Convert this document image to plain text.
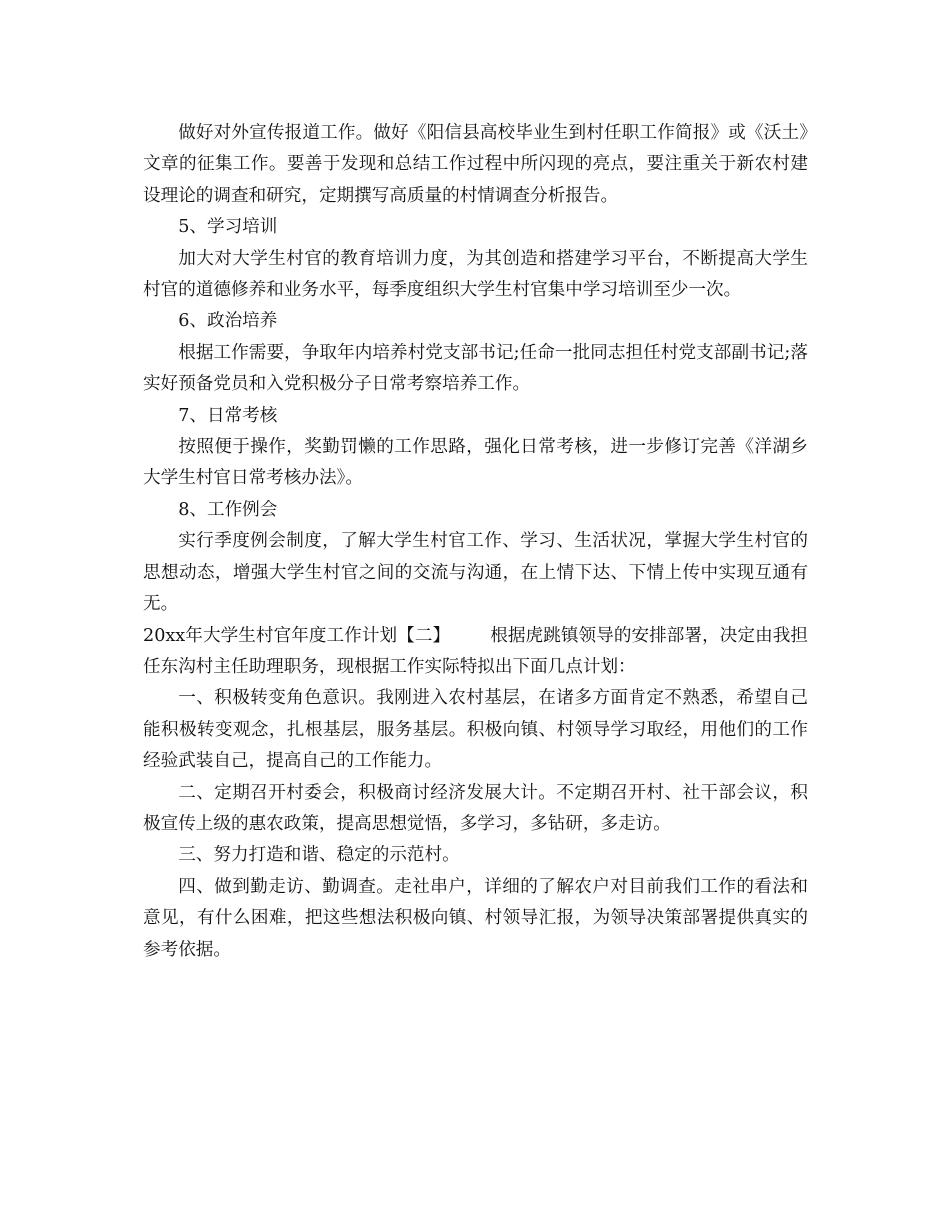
做好对外宣传报道工作。做好《阳信县高校毕业生到村任职工作简报》或《沃土》文章的征集工作。要善于发现和总结工作过程中所闪现的亮点，要注重关于新农村建设理论的调查和研究，定期撰写高质量的村情调查分析报告。

5、学习培训

加大对大学生村官的教育培训力度，为其创造和搭建学习平台，不断提高大学生村官的道德修养和业务水平，每季度组织大学生村官集中学习培训至少一次。

6、政治培养

根据工作需要，争取年内培养村党支部书记;任命一批同志担任村党支部副书记;落实好预备党员和入党积极分子日常考察培养工作。

7、日常考核

按照便于操作，奖勤罚懒的工作思路，强化日常考核，进一步修订完善《洋湖乡大学生村官日常考核办法》。

8、工作例会

实行季度例会制度，了解大学生村官工作、学习、生活状况，掌握大学生村官的思想动态，增强大学生村官之间的交流与沟通，在上情下达、下情上传中实现互通有无。

20xx年大学生村官年度工作计划【二】 根据虎跳镇领导的安排部署，决定由我担任东沟村主任助理职务，现根据工作实际特拟出下面几点计划：

一、积极转变角色意识。我刚进入农村基层，在诸多方面肯定不熟悉，希望自己能积极转变观念，扎根基层，服务基层。积极向镇、村领导学习取经，用他们的工作经验武装自己，提高自己的工作能力。

二、定期召开村委会，积极商讨经济发展大计。不定期召开村、社干部会议，积极宣传上级的惠农政策，提高思想觉悟，多学习，多钻研，多走访。

三、努力打造和谐、稳定的示范村。

四、做到勤走访、勤调查。走社串户，详细的了解农户对目前我们工作的看法和意见，有什么困难，把这些想法积极向镇、村领导汇报，为领导决策部署提供真实的参考依据。
